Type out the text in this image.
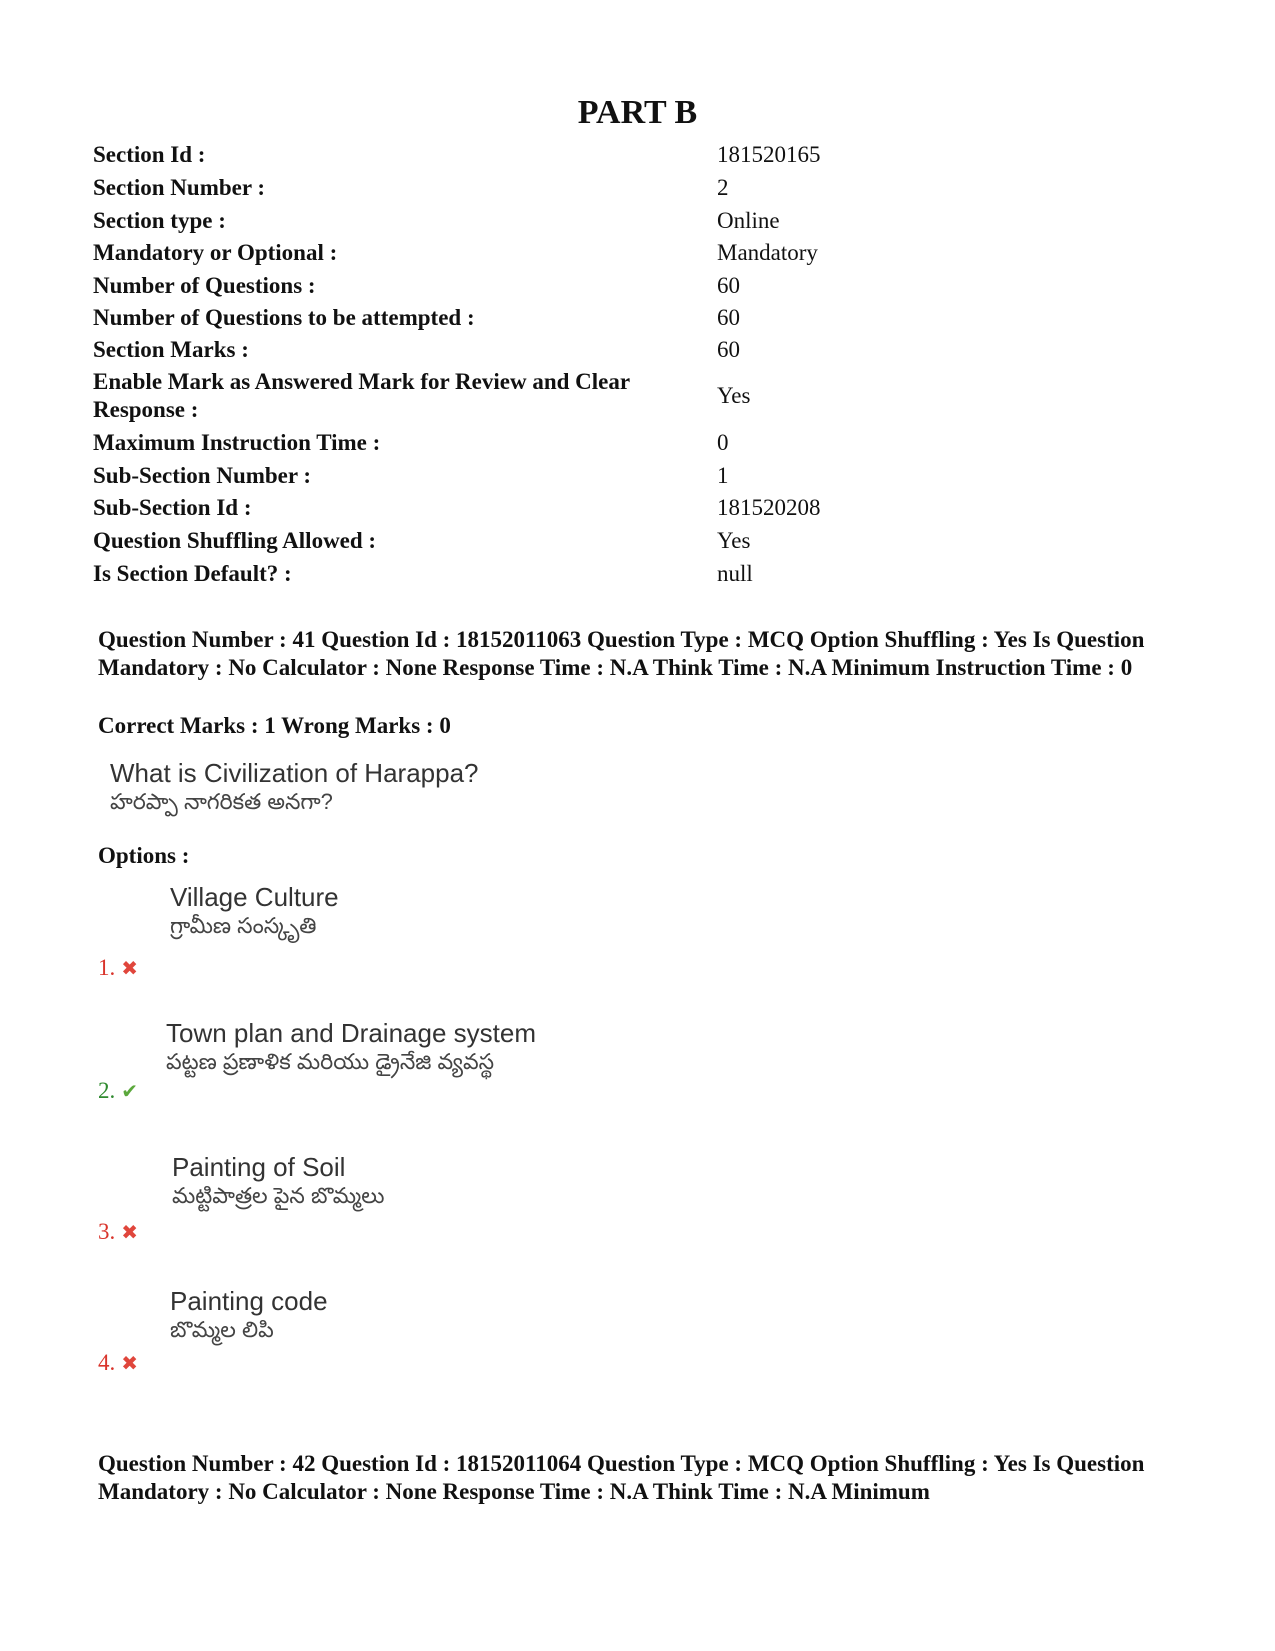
PART B
Section Id :	181520165
Section Number :	2
Section type :	Online
Mandatory or Optional :	Mandatory
Number of Questions :	60
Number of Questions to be attempted :	60
Section Marks :	60
Enable Mark as Answered Mark for Review and Clear Response :	Yes
Maximum Instruction Time :	0
Sub-Section Number :	1
Sub-Section Id :	181520208
Question Shuffling Allowed :	Yes
Is Section Default? :	null
Question Number : 41 Question Id : 18152011063 Question Type : MCQ Option Shuffling : Yes Is Question Mandatory : No Calculator : None Response Time : N.A Think Time : N.A Minimum Instruction Time : 0
Correct Marks : 1 Wrong Marks : 0
What is Civilization of Harappa?
హరప్పా నాగరికత అనగా?
Options :
Village Culture
గ్రామీణ సంస్కృతి
1. ✖
Town plan and Drainage system
పట్టణ ప్రణాళిక మరియు డ్రైనేజి వ్యవస్థ
2. ✔
Painting of Soil
మట్టిపాత్రల పైన బొమ్మలు
3. ✖
Painting code
బొమ్మల లిపి
4. ✖
Question Number : 42 Question Id : 18152011064 Question Type : MCQ Option Shuffling : Yes Is Question Mandatory : No Calculator : None Response Time : N.A Think Time : N.A Minimum
